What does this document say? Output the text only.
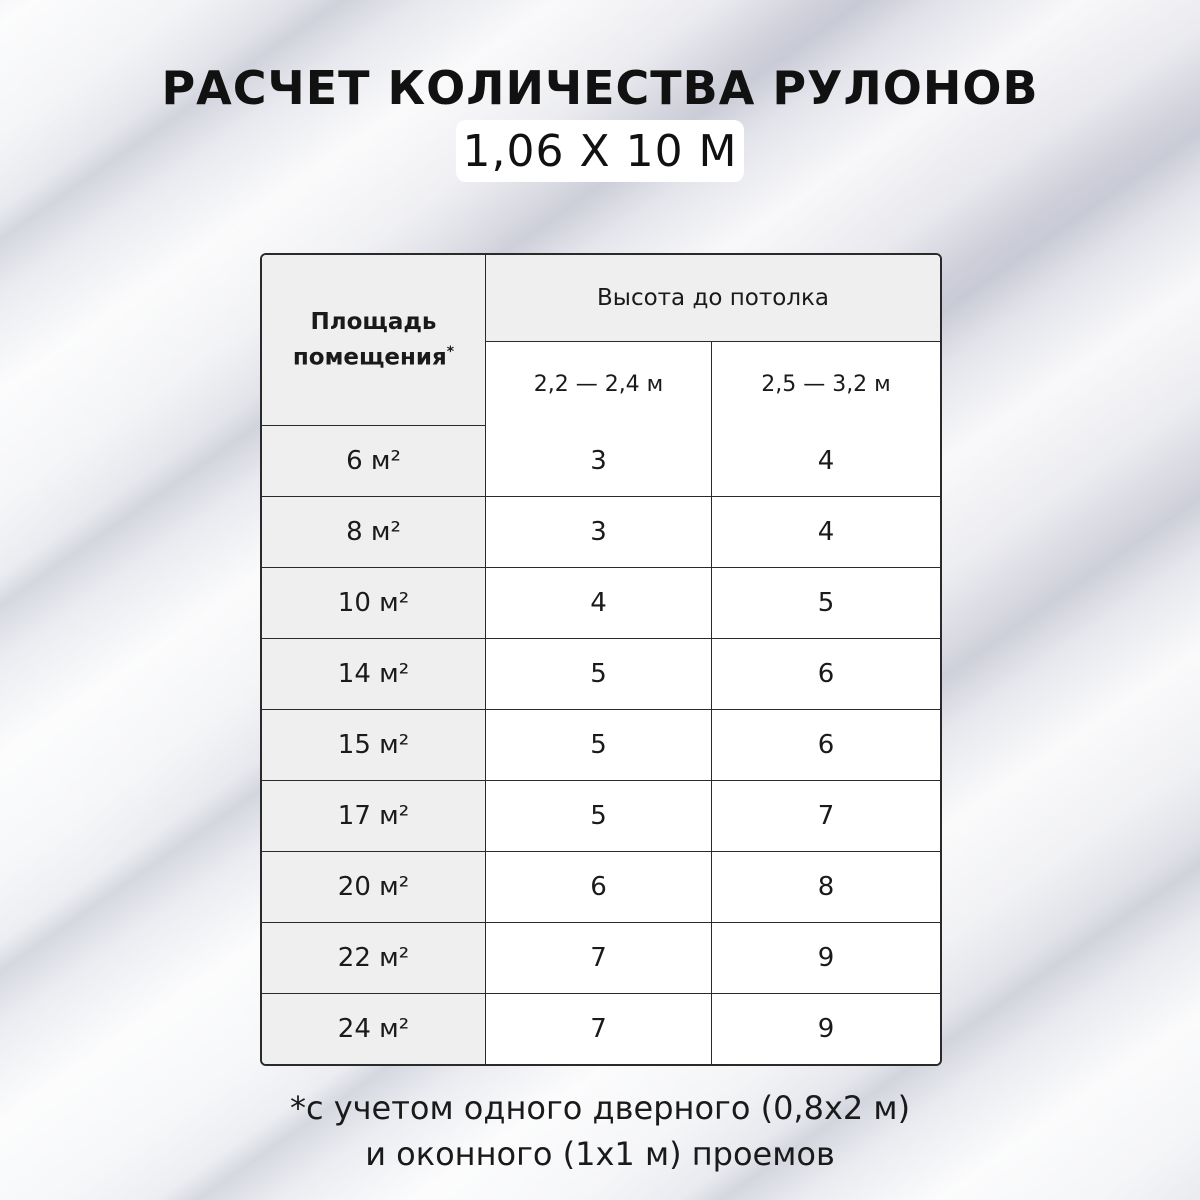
РАСЧЕТ КОЛИЧЕСТВА РУЛОНОВ
1,06 Х 10 М
Площадь помещения*	Высота до потолка	
	2,2 — 2,4 м	2,5 — 3,2 м
6 м²	3	4
8 м²	3	4
10 м²	4	5
14 м²	5	6
15 м²	5	6
17 м²	5	7
20 м²	6	8
22 м²	7	9
24 м²	7	9
*с учетом одного дверного (0,8х2 м)
и оконного (1х1 м) проемов
